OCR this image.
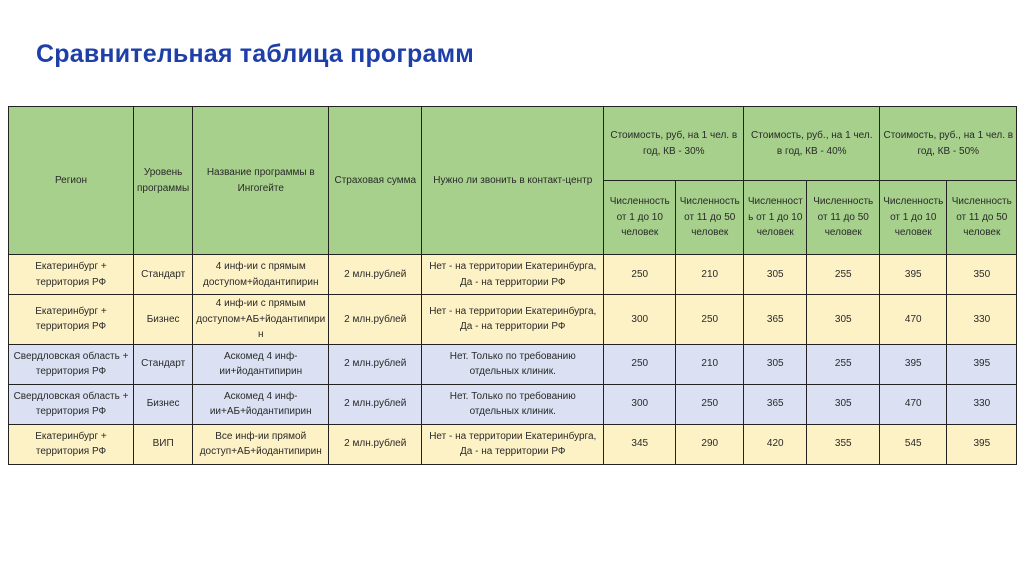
Сравнительная таблица программ
Регион	Уровень программы	Название программы в Ингогейте	Страховая сумма	Нужно ли звонить в контакт-центр	Стоимость, руб, на 1 чел. в год, КВ - 30%		Стоимость, руб., на 1 чел. в год, КВ - 40%		Стоимость, руб., на 1 чел. в год, КВ - 50%	
					Численность от 1 до 10 человек	Численность от 11 до 50 человек	Численност ь от 1 до 10 человек	Численность от 11 до 50 человек	Численность от 1 до 10 человек	Численность от 11 до 50 человек
Екатеринбург + территория РФ	Стандарт	4 инф-ии с прямым доступом+йодантипирин	2 млн.рублей	Нет - на территории Екатеринбурга, Да - на территории РФ	250	210	305	255	395	350
Екатеринбург + территория РФ	Бизнес	4 инф-ии с прямым доступом+АБ+йодантипири н	2 млн.рублей	Нет - на территории Екатеринбурга, Да - на территории РФ	300	250	365	305	470	330
Свердловская область + территория РФ	Стандарт	Аскомед 4 инф-ии+йодантипирин	2 млн.рублей	Нет. Только по требованию отдельных клиник.	250	210	305	255	395	395
Свердловская область + территория РФ	Бизнес	Аскомед 4 инф-ии+АБ+йодантипирин	2 млн.рублей	Нет. Только по требованию отдельных клиник.	300	250	365	305	470	330
Екатеринбург + территория РФ	ВИП	Все инф-ии прямой доступ+АБ+йодантипирин	2 млн.рублей	Нет - на территории Екатеринбурга, Да - на территории РФ	345	290	420	355	545	395
